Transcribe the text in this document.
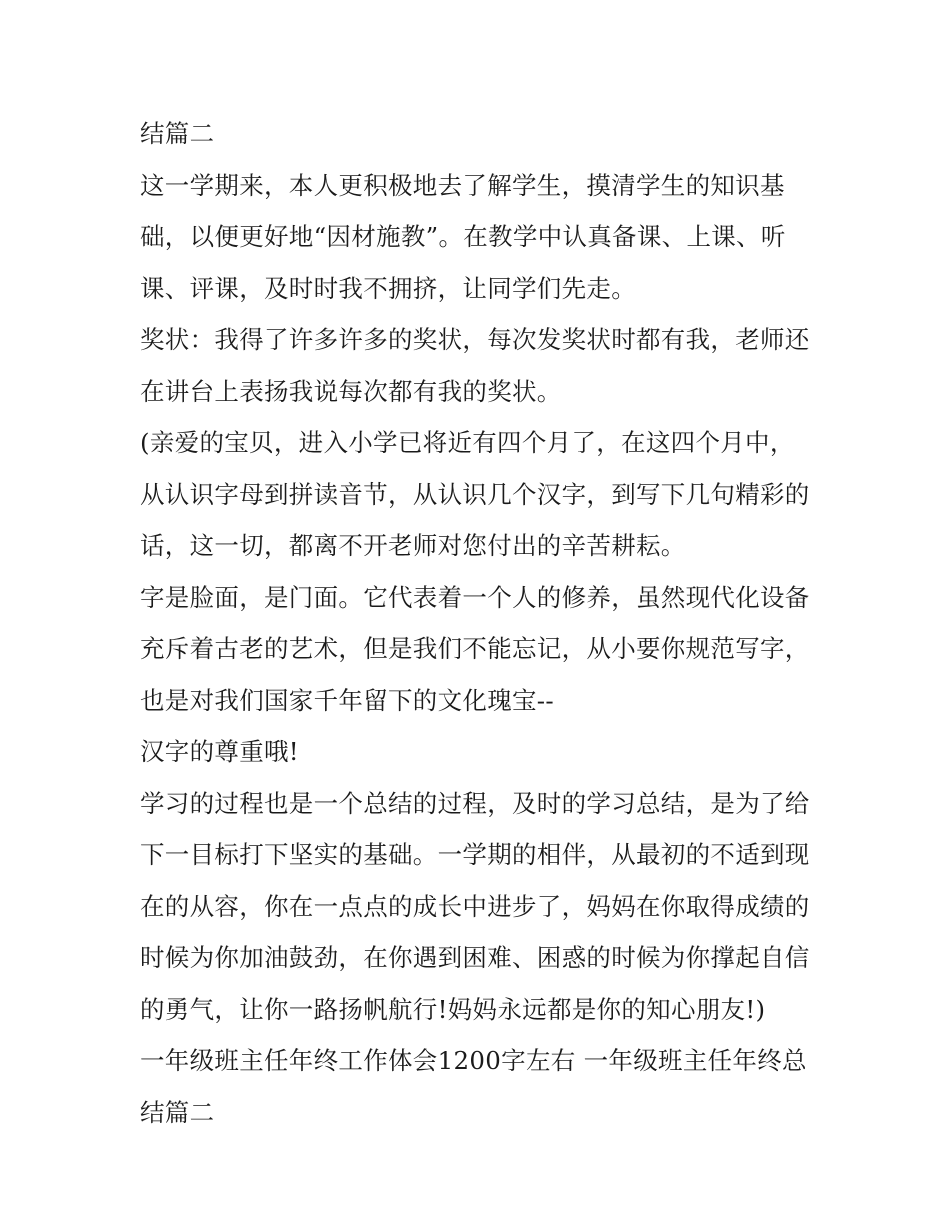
结篇二
这一学期来，本人更积极地去了解学生，摸清学生的知识基
础，以便更好地“因材施教”。在教学中认真备课、上课、听
课、评课，及时时我不拥挤，让同学们先走。
奖状：我得了许多许多的奖状，每次发奖状时都有我，老师还
在讲台上表扬我说每次都有我的奖状。
(亲爱的宝贝，进入小学已将近有四个月了，在这四个月中，
从认识字母到拼读音节，从认识几个汉字，到写下几句精彩的
话，这一切，都离不开老师对您付出的辛苦耕耘。
字是脸面，是门面。它代表着一个人的修养，虽然现代化设备
充斥着古老的艺术，但是我们不能忘记，从小要你规范写字，
也是对我们国家千年留下的文化瑰宝--
汉字的尊重哦!
学习的过程也是一个总结的过程，及时的学习总结，是为了给
下一目标打下坚实的基础。一学期的相伴，从最初的不适到现
在的从容，你在一点点的成长中进步了，妈妈在你取得成绩的
时候为你加油鼓劲，在你遇到困难、困惑的时候为你撑起自信
的勇气，让你一路扬帆航行!妈妈永远都是你的知心朋友!)
一年级班主任年终工作体会1200字左右 一年级班主任年终总
结篇二
